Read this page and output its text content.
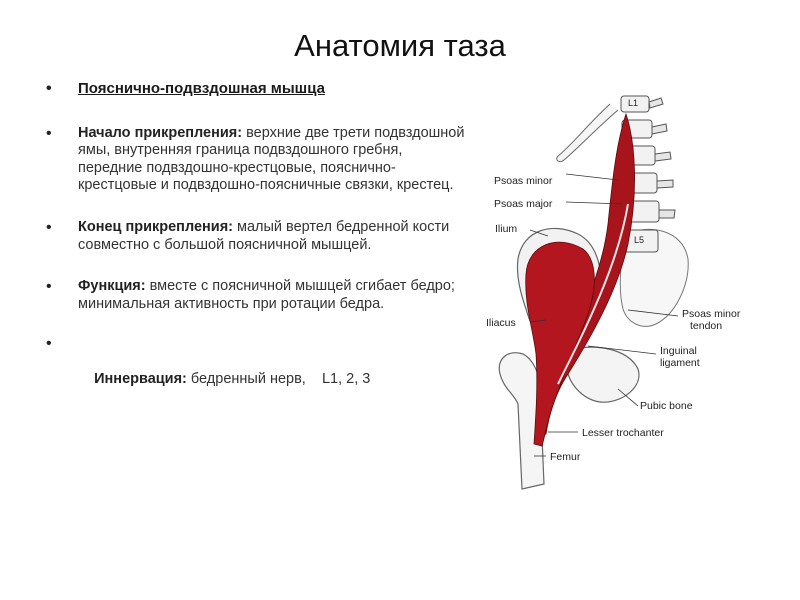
Анатомия таза
• Пояснично-подвздошная мышца
• Начало прикрепления: верхние две трети подвздошной ямы, внутренняя граница подвздошного гребня, передние подвздошно-крестцовые, пояснично-крестцовые и подвздошно-поясничные связки, крестец.
• Конец прикрепления: малый вертел бедренной кости совместно с большой поясничной мышцей.
• Функция: вместе с поясничной мышцей сгибает бедро; минимальная активность при ротации бедра.

•

Иннервация: бедренный нерв,    L1, 2, 3

Psoas minor
Psoas major
Ilium
Iliacus
Psoas minor
tendon
Inguinal
ligament
Pubic bone
Lesser trochanter
Femur
L1
L5
